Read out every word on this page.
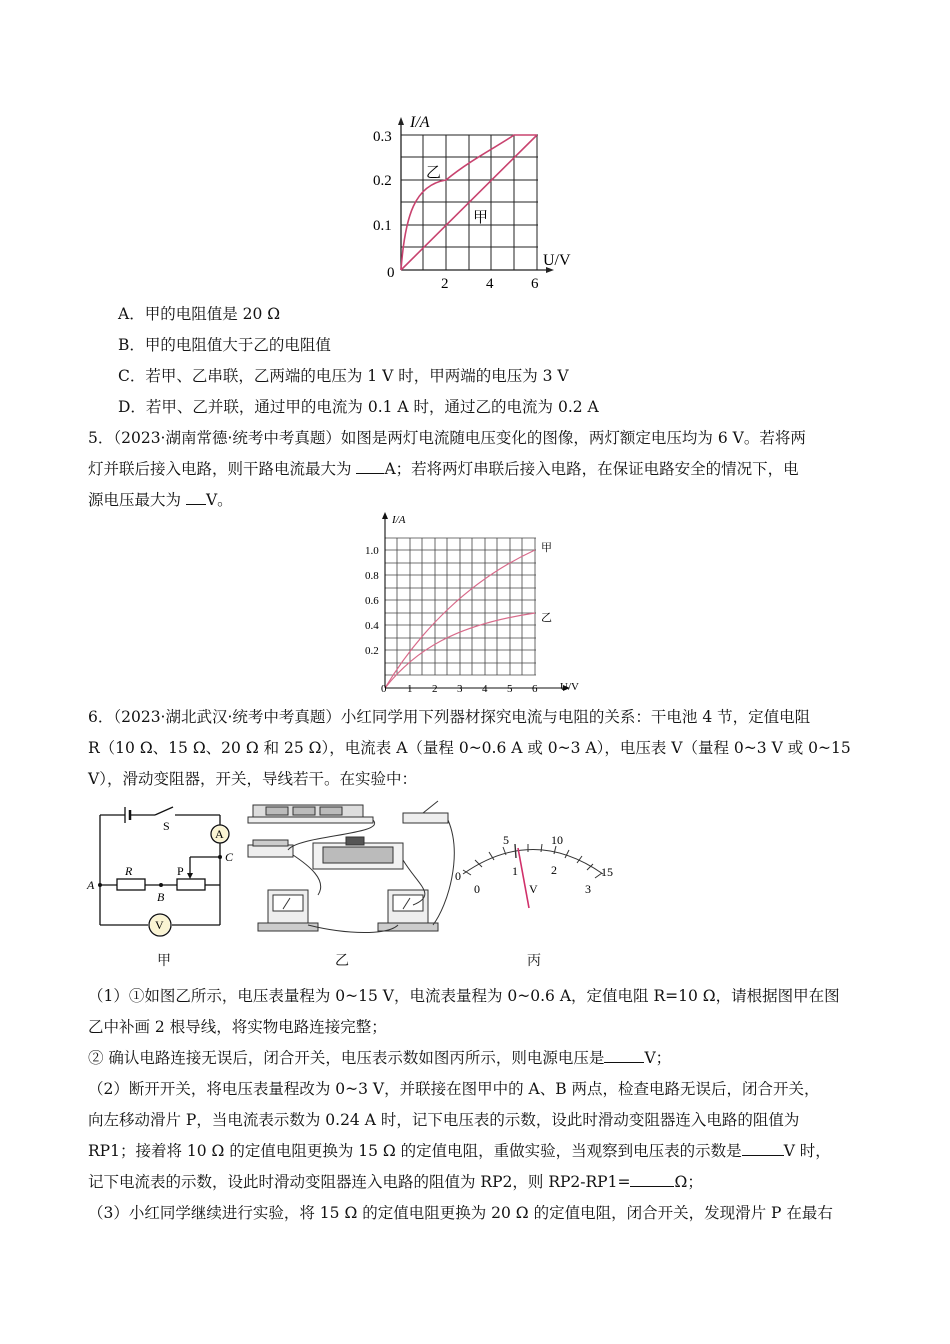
I/A
U/V
0
0.1
0.2
0.3
2	4	6
乙
甲
A．甲的电阻值是 20 Ω
B．甲的电阻值大于乙的电阻值
C．若甲、乙串联，乙两端的电压为 1 V 时，甲两端的电压为 3 V
D．若甲、乙并联，通过甲的电流为 0.1 A 时，通过乙的电流为 0.2 A
5．（2023·湖南常德·统考中考真题）如图是两灯电流随电压变化的图像，两灯额定电压均为 6 V。若将两
灯并联后接入电路，则干路电流最大为 A；若将两灯串联后接入电路，在保证电路安全的情况下，电
源电压最大为 V。
I/A
U/V
0
0.2
0.4
0.6
0.8
1.0
1 2 3 4 5 6
甲
乙
6．（2023·湖北武汉·统考中考真题）小红同学用下列器材探究电流与电阻的关系：干电池 4 节，定值电阻
R（10 Ω、15 Ω、20 Ω 和 25 Ω），电流表 A（量程 0~0.6 A 或 0~3 A），电压表 V（量程 0~3 V 或 0~15
V），滑动变阻器，开关，导线若干。在实验中：
S
A
C
P
R
A
B
V
0
5	10
15
0
1	2
3
V
甲	乙	丙
（1）①如图乙所示，电压表量程为 0~15 V，电流表量程为 0~0.6 A，定值电阻 R=10 Ω，请根据图甲在图
乙中补画 2 根导线，将实物电路连接完整；
② 确认电路连接无误后，闭合开关，电压表示数如图丙所示，则电源电压是	V；
（2）断开开关，将电压表量程改为 0~3 V，并联接在图甲中的 A、B 两点，检查电路无误后，闭合开关，
向左移动滑片 P，当电流表示数为 0.24 A 时，记下电压表的示数，设此时滑动变阻器连入电路的阻值为
RP1；接着将 10 Ω 的定值电阻更换为 15 Ω 的定值电阻，重做实验，当观察到电压表的示数是	V 时，
记下电流表的示数，设此时滑动变阻器连入电路的阻值为 RP2，则 RP2-RP1=	Ω；
（3）小红同学继续进行实验，将 15 Ω 的定值电阻更换为 20 Ω 的定值电阻，闭合开关，发现滑片 P 在最右
